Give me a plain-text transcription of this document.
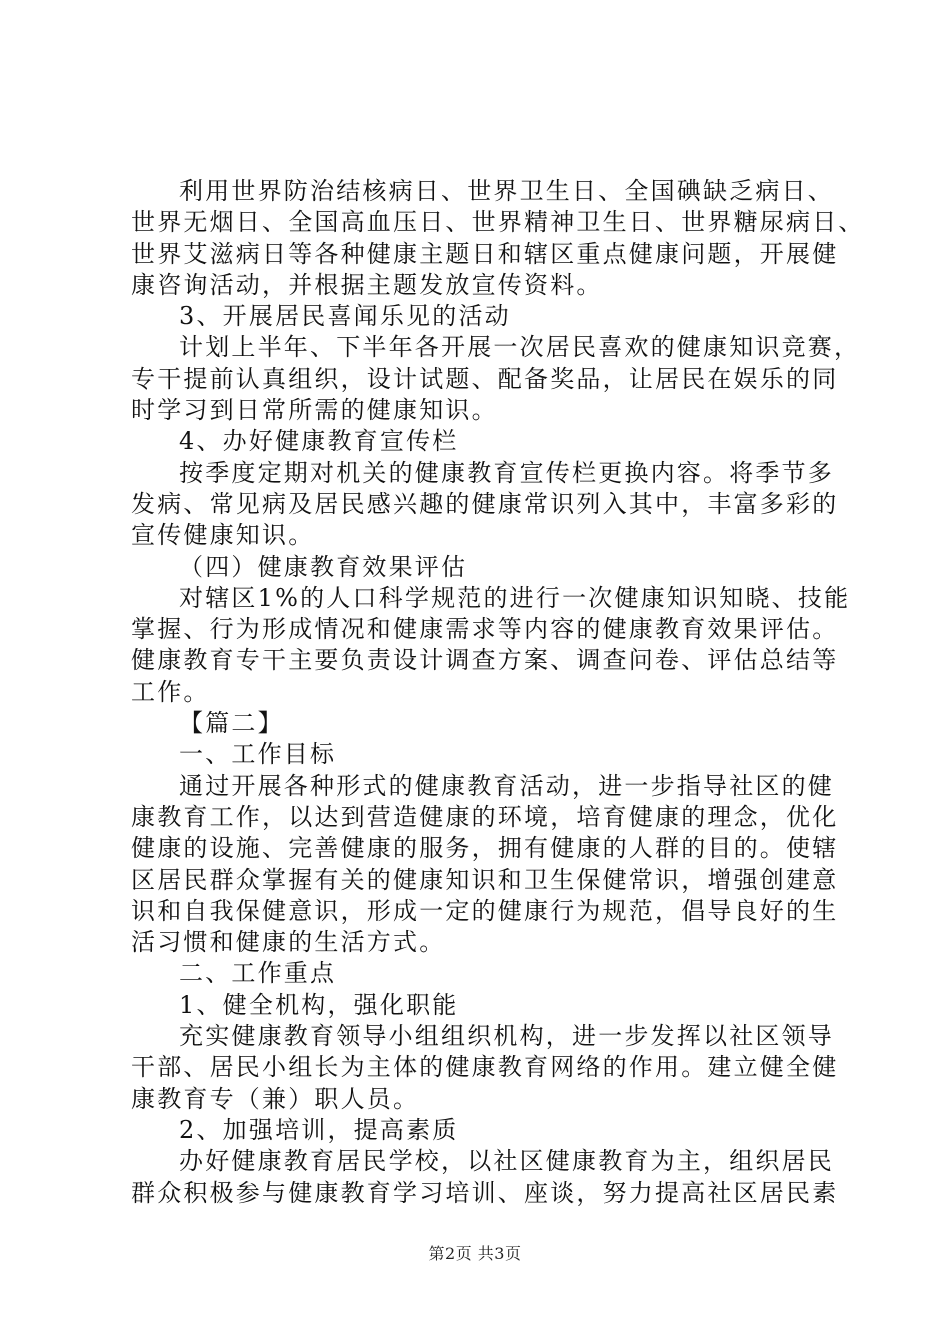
利用世界防治结核病日、世界卫生日、全国碘缺乏病日、
世界无烟日、全国高血压日、世界精神卫生日、世界糖尿病日、
世界艾滋病日等各种健康主题日和辖区重点健康问题，开展健
康咨询活动，并根据主题发放宣传资料。
3、开展居民喜闻乐见的活动
计划上半年、下半年各开展一次居民喜欢的健康知识竞赛，
专干提前认真组织，设计试题、配备奖品，让居民在娱乐的同
时学习到日常所需的健康知识。
4、办好健康教育宣传栏
按季度定期对机关的健康教育宣传栏更换内容。将季节多
发病、常见病及居民感兴趣的健康常识列入其中，丰富多彩的
宣传健康知识。
（四）健康教育效果评估
对辖区1%的人口科学规范的进行一次健康知识知晓、技能
掌握、行为形成情况和健康需求等内容的健康教育效果评估。
健康教育专干主要负责设计调查方案、调查问卷、评估总结等
工作。
【篇二】
一、工作目标
通过开展各种形式的健康教育活动，进一步指导社区的健
康教育工作，以达到营造健康的环境，培育健康的理念，优化
健康的设施、完善健康的服务，拥有健康的人群的目的。使辖
区居民群众掌握有关的健康知识和卫生保健常识，增强创建意
识和自我保健意识，形成一定的健康行为规范，倡导良好的生
活习惯和健康的生活方式。
二、工作重点
1、健全机构，强化职能
充实健康教育领导小组组织机构，进一步发挥以社区领导
干部、居民小组长为主体的健康教育网络的作用。建立健全健
康教育专（兼）职人员。
2、加强培训，提高素质
办好健康教育居民学校，以社区健康教育为主，组织居民
群众积极参与健康教育学习培训、座谈，努力提高社区居民素
第2页 共3页
